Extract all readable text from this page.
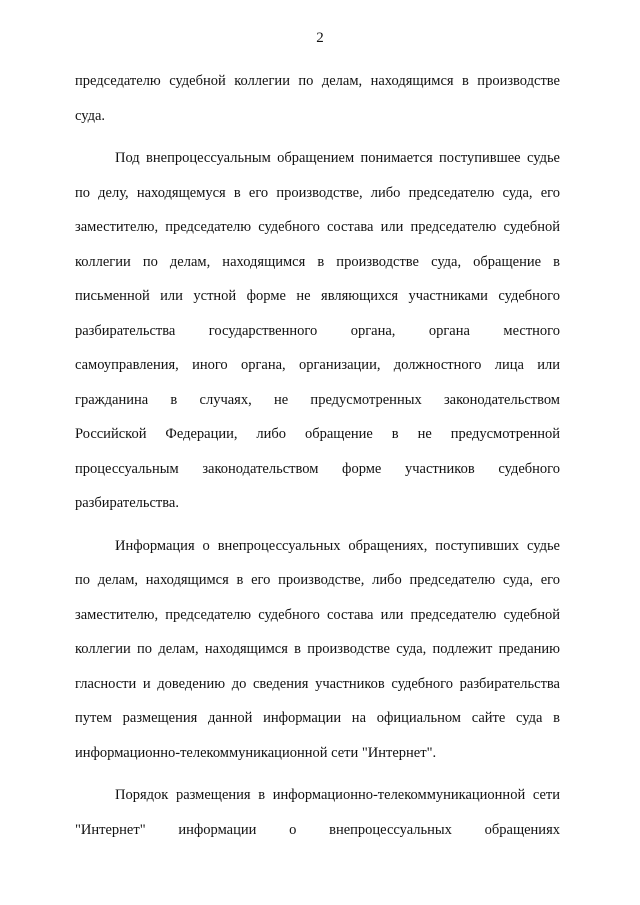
2
председателю судебной коллегии по делам, находящимся в производстве
суда.
Под внепроцессуальным обращением понимается поступившее судье
по делу, находящемуся в его производстве, либо председателю суда, его
заместителю, председателю судебного состава или председателю судебной
коллегии по делам, находящимся в производстве суда, обращение в
письменной или устной форме не являющихся участниками судебного
разбирательства государственного органа, органа местного
самоуправления, иного органа, организации, должностного лица или
гражданина в случаях, не предусмотренных законодательством
Российской Федерации, либо обращение в не предусмотренной
процессуальным законодательством форме участников судебного
разбирательства.
Информация о внепроцессуальных обращениях, поступивших судье
по делам, находящимся в его производстве, либо председателю суда, его
заместителю, председателю судебного состава или председателю судебной
коллегии по делам, находящимся в производстве суда, подлежит преданию
гласности и доведению до сведения участников судебного разбирательства
путем размещения данной информации на официальном сайте суда в
информационно-телекоммуникационной сети "Интернет".
Порядок размещения в информационно-телекоммуникационной сети
"Интернет" информации о внепроцессуальных обращениях
